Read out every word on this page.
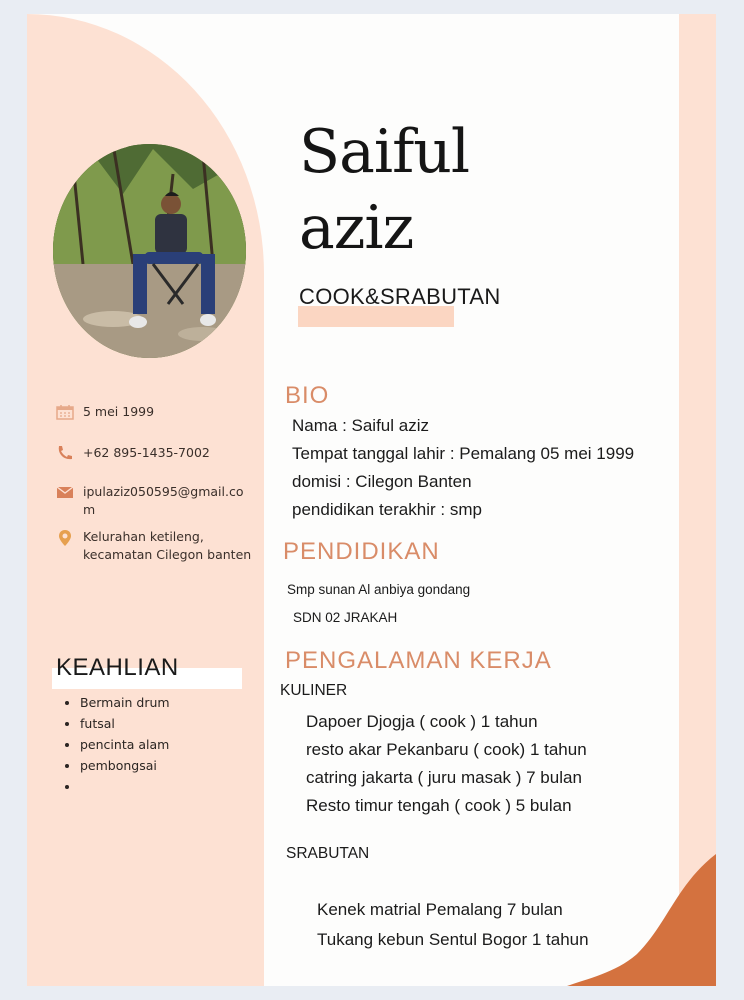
Saiful
aziz
COOK&SRABUTAN
5 mei 1999
+62 895-1435-7002
ipulaziz050595@gmail.co
m
Kelurahan ketileng,
kecamatan Cilegon banten
KEAHLIAN
• Bermain drum
• futsal
• pencinta alam
• pembongsai
•
BIO
Nama : Saiful aziz
Tempat tanggal lahir : Pemalang 05 mei 1999
domisi : Cilegon Banten
pendidikan terakhir : smp
PENDIDIKAN
Smp sunan Al anbiya gondang
SDN 02 JRAKAH
PENGALAMAN KERJA
KULINER
Dapoer Djogja ( cook ) 1 tahun
resto akar Pekanbaru ( cook) 1 tahun
catring jakarta ( juru masak ) 7 bulan
Resto timur tengah ( cook ) 5 bulan
SRABUTAN
Kenek matrial Pemalang 7 bulan
Tukang kebun Sentul Bogor 1 tahun
